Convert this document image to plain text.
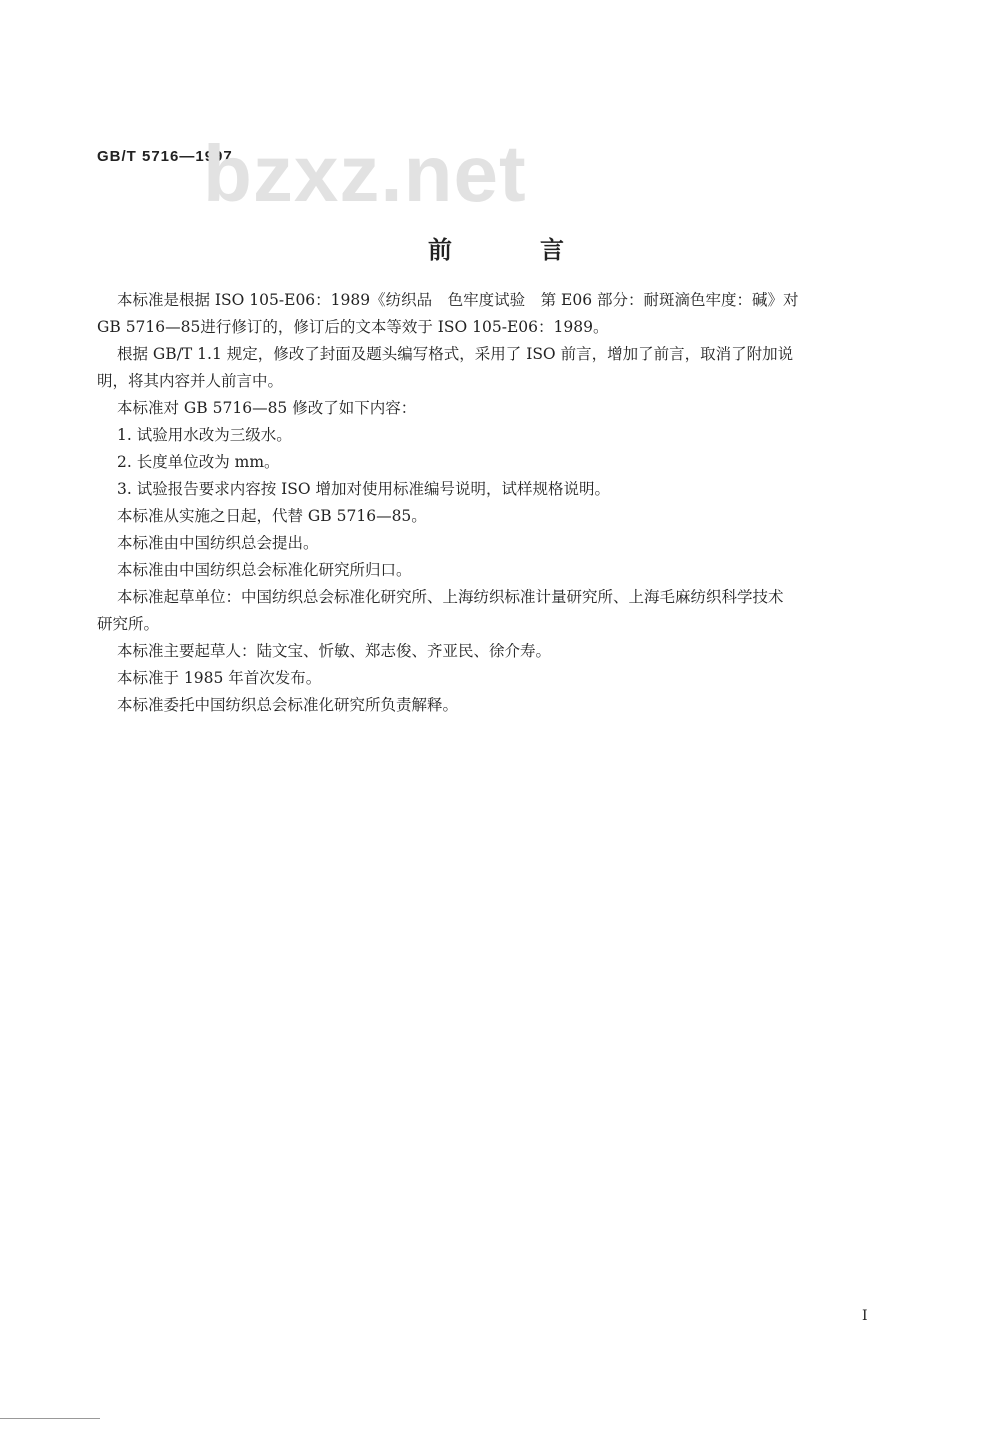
GB/T 5716—1997
bzxz.net
前	言
本标准是根据 ISO 105-E06：1989《纺织品　色牢度试验　第 E06 部分：耐斑滴色牢度：碱》对
GB 5716—85进行修订的，修订后的文本等效于 ISO 105-E06：1989。
根据 GB/T 1.1 规定，修改了封面及题头编写格式，采用了 ISO 前言，增加了前言，取消了附加说
明，将其内容并人前言中。
本标准对 GB 5716—85 修改了如下内容：
1. 试验用水改为三级水。
2. 长度单位改为 mm。
3. 试验报告要求内容按 ISO 增加对使用标准编号说明，试样规格说明。
本标准从实施之日起，代替 GB 5716—85。
本标准由中国纺织总会提出。
本标准由中国纺织总会标准化研究所归口。
本标准起草单位：中国纺织总会标准化研究所、上海纺织标准计量研究所、上海毛麻纺织科学技术
研究所。
本标准主要起草人：陆文宝、忻敏、郑志俊、齐亚民、徐介寿。
本标准于 1985 年首次发布。
本标准委托中国纺织总会标准化研究所负责解释。
I
